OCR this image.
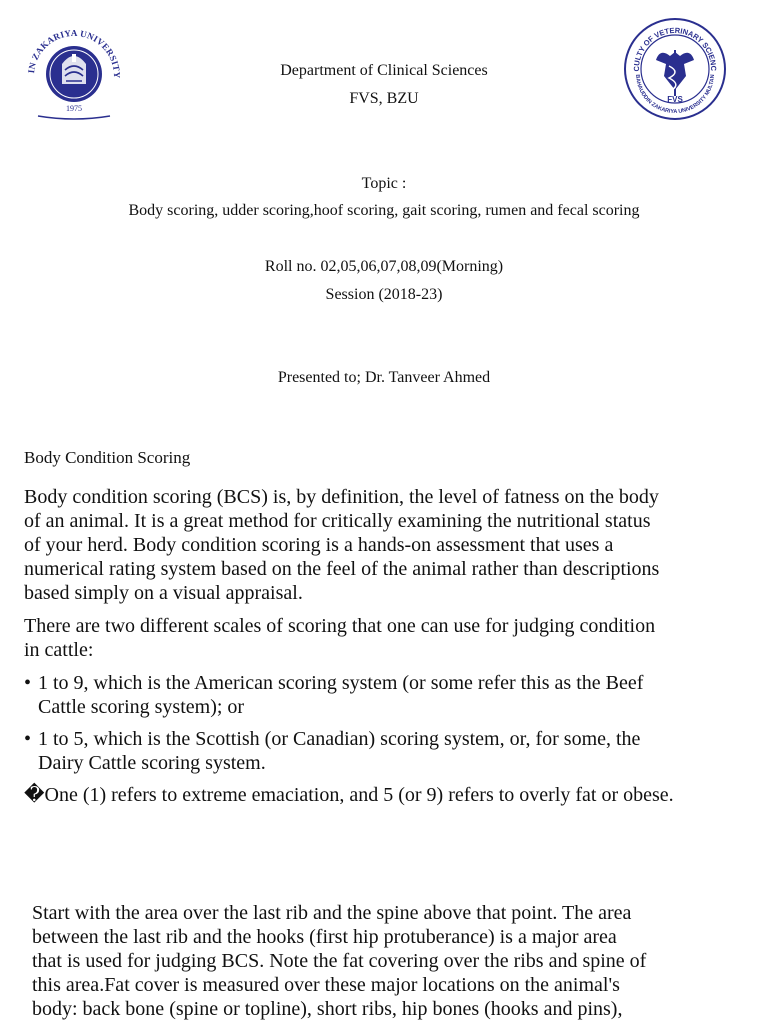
IN ZAKARIYA UNIVERSITY
1975
CULTY OF VETERINARY SCIENC
BAHAUDDIN ZAKARIYA UNIVERSITY MULTAN
FVS
Department of Clinical Sciences
FVS, BZU
Topic :
Body scoring, udder scoring,hoof scoring, gait scoring, rumen and fecal scoring
Roll no. 02,05,06,07,08,09(Morning)
Session (2018-23)
Presented to; Dr. Tanveer Ahmed
Body Condition Scoring
Body condition scoring (BCS) is, by definition, the level of fatness on the body
of an animal. It is a great method for critically examining the nutritional status
of your herd. Body condition scoring is a hands-on assessment that uses a
numerical rating system based on the feel of the animal rather than descriptions
based simply on a visual appraisal.
There are two different scales of scoring that one can use for judging condition
in cattle:
• 1 to 9, which is the American scoring system (or some refer this as the Beef
Cattle scoring system); or
• 1 to 5, which is the Scottish (or Canadian) scoring system, or, for some, the
Dairy Cattle scoring system.
�One (1) refers to extreme emaciation, and 5 (or 9) refers to overly fat or obese.
Start with the area over the last rib and the spine above that point. The area
between the last rib and the hooks (first hip protuberance) is a major area
that is used for judging BCS. Note the fat covering over the ribs and spine of
this area.Fat cover is measured over these major locations on the animal's
body: back bone (spine or topline), short ribs, hip bones (hooks and pins),
